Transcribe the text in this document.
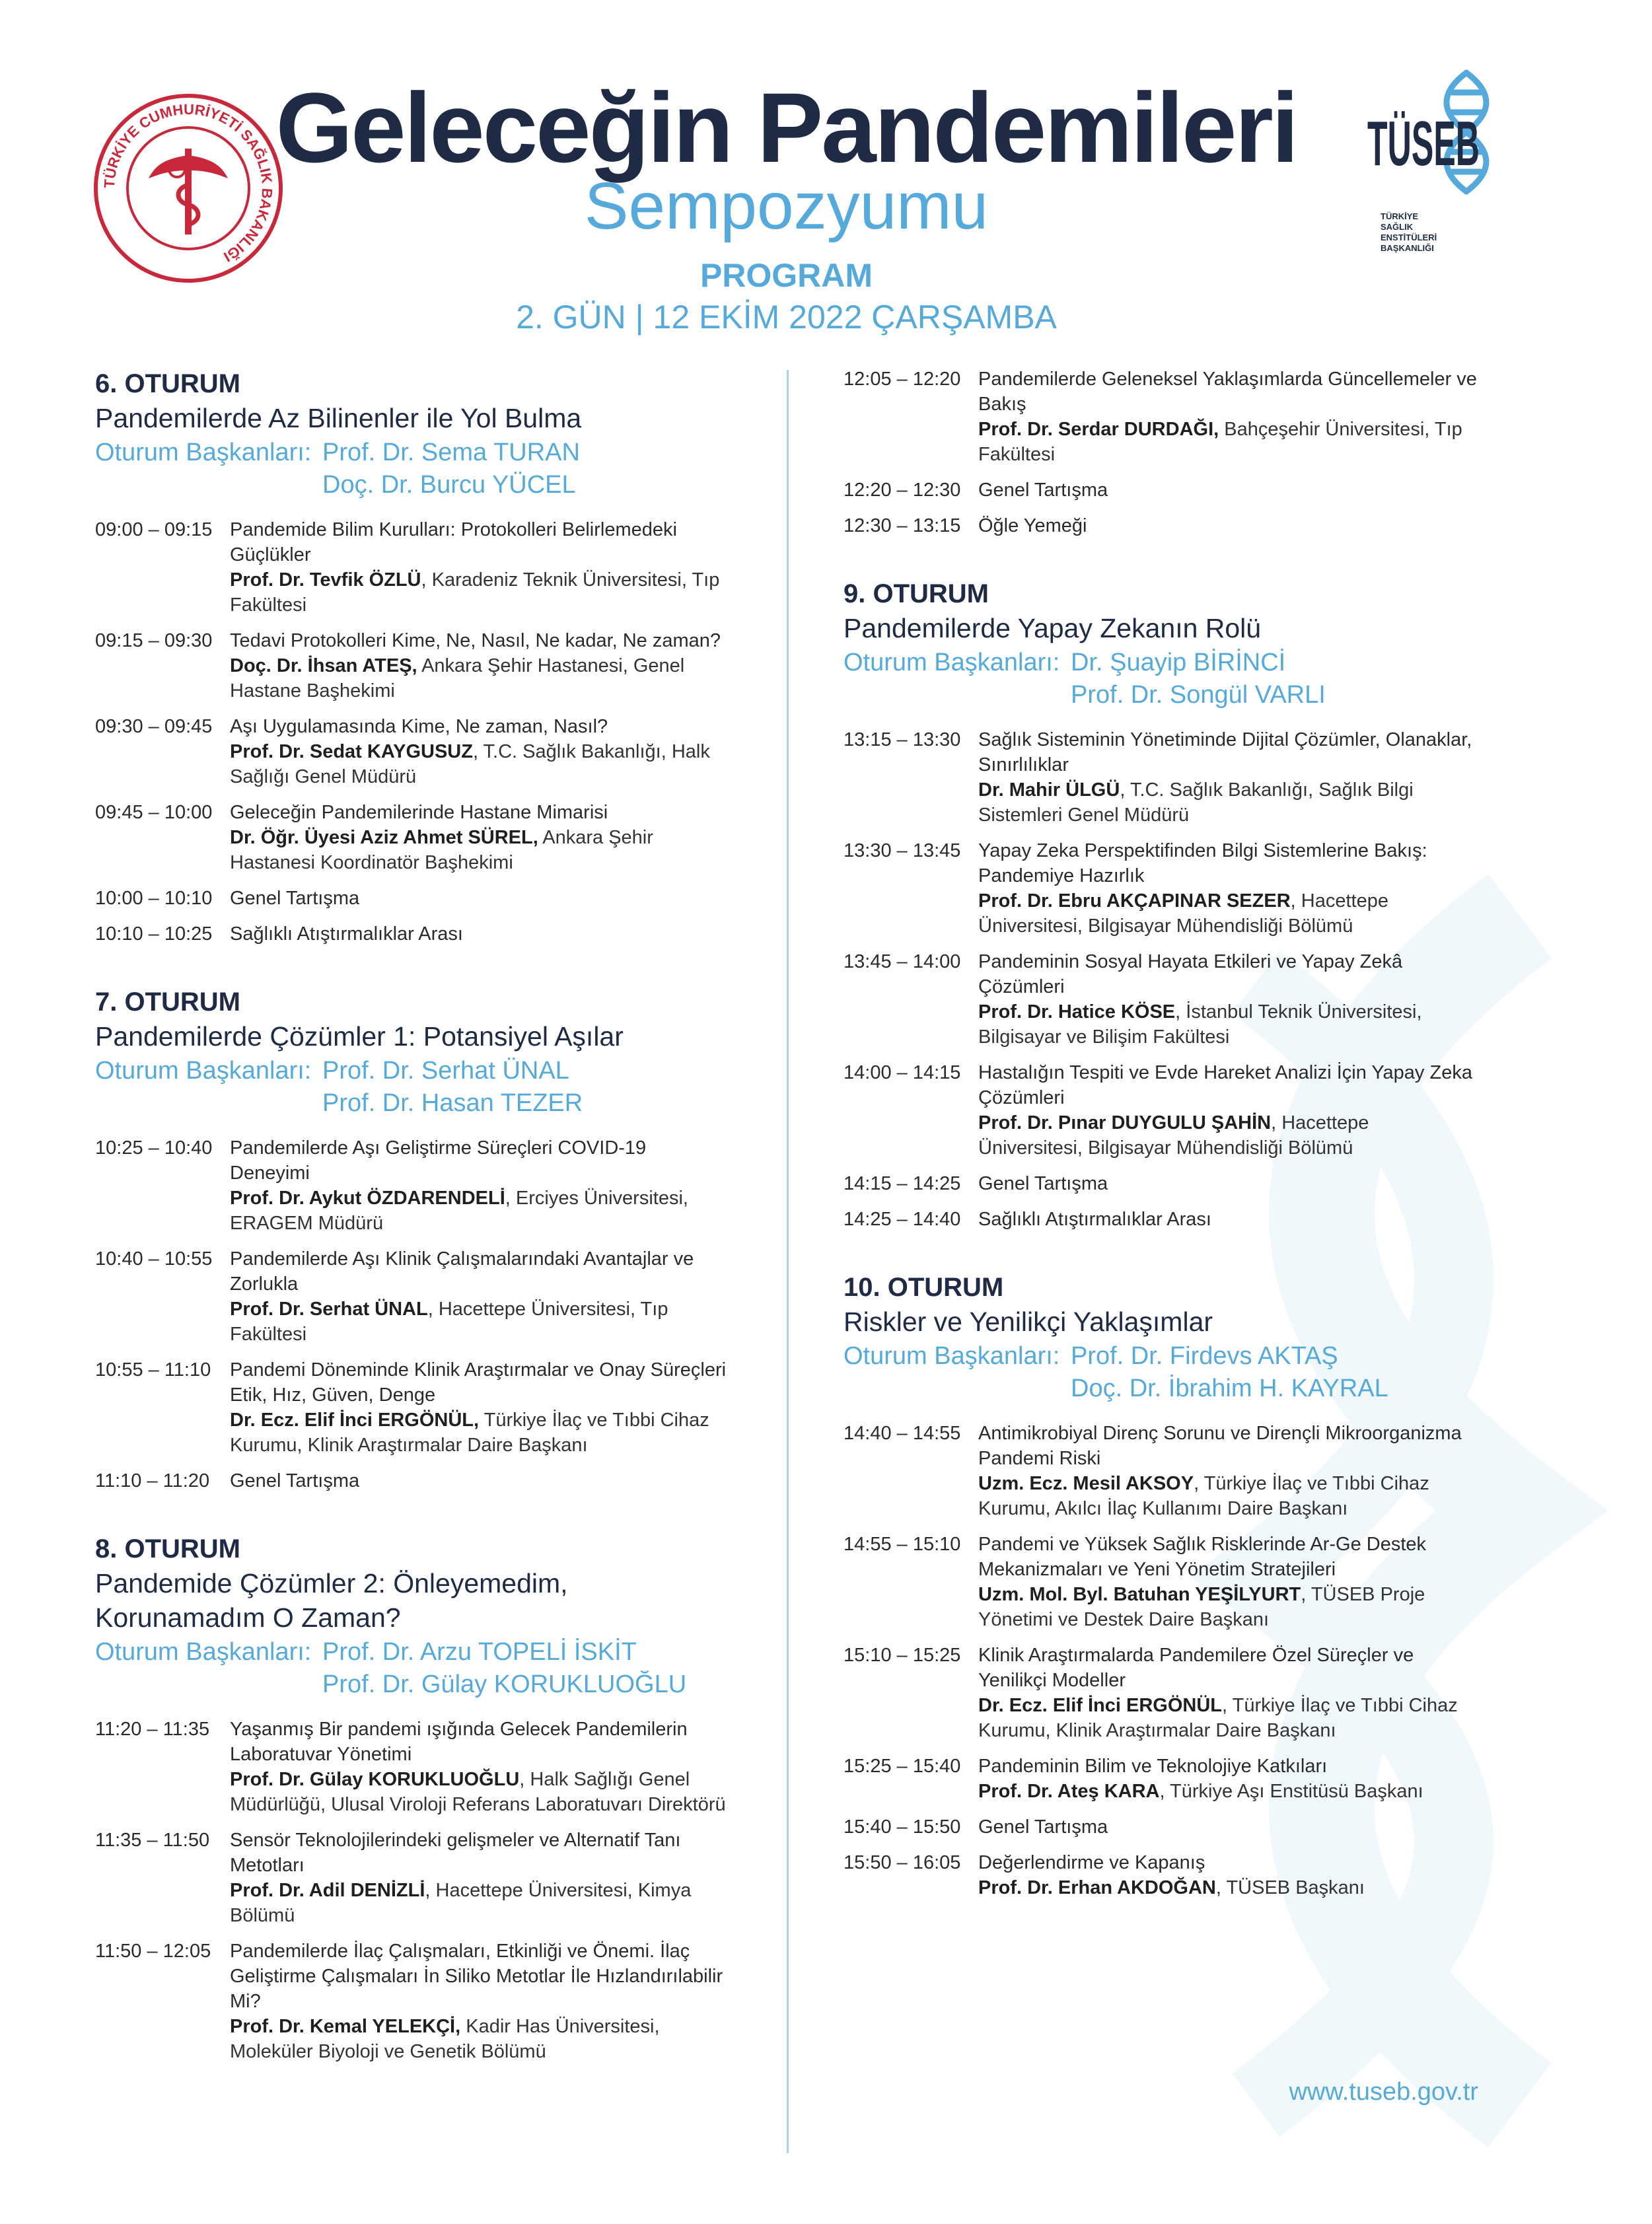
TÜRKİYE CUMHURİYETİ SAĞLIK BAKANLIĞI
Geleceğin Pandemileri
Sempozyumu
PROGRAM
2. GÜN | 12 EKİM 2022 ÇARŞAMBA
TÜSEB
TÜRKİYE
SAĞLIK
ENSTİTÜLERİ
BAŞKANLIĞI
6. OTURUM
Pandemilerde Az Bilinenler ile Yol Bulma
Oturum Başkanları: Prof. Dr. Sema TURAN
Doç. Dr. Burcu YÜCEL
09:00 – 09:15 Pandemide Bilim Kurulları: Protokolleri Belirlemedeki Güçlükler
Prof. Dr. Tevfik ÖZLÜ, Karadeniz Teknik Üniversitesi, Tıp Fakültesi
09:15 – 09:30 Tedavi Protokolleri Kime, Ne, Nasıl, Ne kadar, Ne zaman?
Doç. Dr. İhsan ATEŞ, Ankara Şehir Hastanesi, Genel Hastane Başhekimi
09:30 – 09:45 Aşı Uygulamasında Kime, Ne zaman, Nasıl?
Prof. Dr. Sedat KAYGUSUZ, T.C. Sağlık Bakanlığı, Halk Sağlığı Genel Müdürü
09:45 – 10:00 Geleceğin Pandemilerinde Hastane Mimarisi
Dr. Öğr. Üyesi Aziz Ahmet SÜREL, Ankara Şehir Hastanesi Koordinatör Başhekimi
10:00 – 10:10 Genel Tartışma
10:10 – 10:25 Sağlıklı Atıştırmalıklar Arası
7. OTURUM
Pandemilerde Çözümler 1: Potansiyel Aşılar
Oturum Başkanları: Prof. Dr. Serhat ÜNAL
Prof. Dr. Hasan TEZER
10:25 – 10:40 Pandemilerde Aşı Geliştirme Süreçleri COVID-19 Deneyimi
Prof. Dr. Aykut ÖZDARENDELİ, Erciyes Üniversitesi, ERAGEM Müdürü
10:40 – 10:55 Pandemilerde Aşı Klinik Çalışmalarındaki Avantajlar ve Zorlukla
Prof. Dr. Serhat ÜNAL, Hacettepe Üniversitesi, Tıp Fakültesi
10:55 – 11:10 Pandemi Döneminde Klinik Araştırmalar ve Onay Süreçleri Etik, Hız, Güven, Denge
Dr. Ecz. Elif İnci ERGÖNÜL, Türkiye İlaç ve Tıbbi Cihaz Kurumu, Klinik Araştırmalar Daire Başkanı
11:10 – 11:20	Genel Tartışma
8. OTURUM
Pandemide Çözümler 2: Önleyemedim,
Korunamadım O Zaman?
Oturum Başkanları: Prof. Dr. Arzu TOPELİ İSKİT
Prof. Dr. Gülay KORUKLUOĞLU
11:20 – 11:35	Yaşanmış Bir pandemi ışığında Gelecek Pandemilerin Laboratuvar Yönetimi
Prof. Dr. Gülay KORUKLUOĞLU, Halk Sağlığı Genel Müdürlüğü, Ulusal Viroloji Referans Laboratuvarı Direktörü
11:35 – 11:50	Sensör Teknolojilerindeki gelişmeler ve Alternatif Tanı Metotları
Prof. Dr. Adil DENİZLİ, Hacettepe Üniversitesi, Kimya Bölümü
11:50 – 12:05 Pandemilerde İlaç Çalışmaları, Etkinliği ve Önemi. İlaç Geliştirme Çalışmaları İn Siliko Metotlar İle Hızlandırılabilir Mi?
Prof. Dr. Kemal YELEKÇİ, Kadir Has Üniversitesi, Moleküler Biyoloji ve Genetik Bölümü
12:05 – 12:20 Pandemilerde Geleneksel Yaklaşımlarda Güncellemeler ve Bakış
Prof. Dr. Serdar DURDAĞI, Bahçeşehir Üniversitesi, Tıp Fakültesi
12:20 – 12:30 Genel Tartışma
12:30 – 13:15 Öğle Yemeği
9. OTURUM
Pandemilerde Yapay Zekanın Rolü
Oturum Başkanları: Dr. Şuayip BİRİNCİ
Prof. Dr. Songül VARLI
13:15 – 13:30 Sağlık Sisteminin Yönetiminde Dijital Çözümler, Olanaklar, Sınırlılıklar
Dr. Mahir ÜLGÜ, T.C. Sağlık Bakanlığı, Sağlık Bilgi Sistemleri Genel Müdürü
13:30 – 13:45 Yapay Zeka Perspektifinden Bilgi Sistemlerine Bakış: Pandemiye Hazırlık
Prof. Dr. Ebru AKÇAPINAR SEZER, Hacettepe Üniversitesi, Bilgisayar Mühendisliği Bölümü
13:45 – 14:00 Pandeminin Sosyal Hayata Etkileri ve Yapay Zekâ Çözümleri
Prof. Dr. Hatice KÖSE, İstanbul Teknik Üniversitesi, Bilgisayar ve Bilişim Fakültesi
14:00 – 14:15 Hastalığın Tespiti ve Evde Hareket Analizi İçin Yapay Zeka Çözümleri
Prof. Dr. Pınar DUYGULU ŞAHİN, Hacettepe Üniversitesi, Bilgisayar Mühendisliği Bölümü
14:15 – 14:25 Genel Tartışma
14:25 – 14:40 Sağlıklı Atıştırmalıklar Arası
10. OTURUM
Riskler ve Yenilikçi Yaklaşımlar
Oturum Başkanları: Prof. Dr. Firdevs AKTAŞ
Doç. Dr. İbrahim H. KAYRAL
14:40 – 14:55 Antimikrobiyal Direnç Sorunu ve Dirençli Mikroorganizma Pandemi Riski
Uzm. Ecz. Mesil AKSOY, Türkiye İlaç ve Tıbbi Cihaz Kurumu, Akılcı İlaç Kullanımı Daire Başkanı
14:55 – 15:10 Pandemi ve Yüksek Sağlık Risklerinde Ar-Ge Destek Mekanizmaları ve Yeni Yönetim Stratejileri
Uzm. Mol. Byl. Batuhan YEŞİLYURT, TÜSEB Proje Yönetimi ve Destek Daire Başkanı
15:10 – 15:25 Klinik Araştırmalarda Pandemilere Özel Süreçler ve Yenilikçi Modeller
Dr. Ecz. Elif İnci ERGÖNÜL, Türkiye İlaç ve Tıbbi Cihaz Kurumu, Klinik Araştırmalar Daire Başkanı
15:25 – 15:40 Pandeminin Bilim ve Teknolojiye Katkıları
Prof. Dr. Ateş KARA, Türkiye Aşı Enstitüsü Başkanı
15:40 – 15:50 Genel Tartışma
15:50 – 16:05 Değerlendirme ve Kapanış
Prof. Dr. Erhan AKDOĞAN, TÜSEB Başkanı
www.tuseb.gov.tr
